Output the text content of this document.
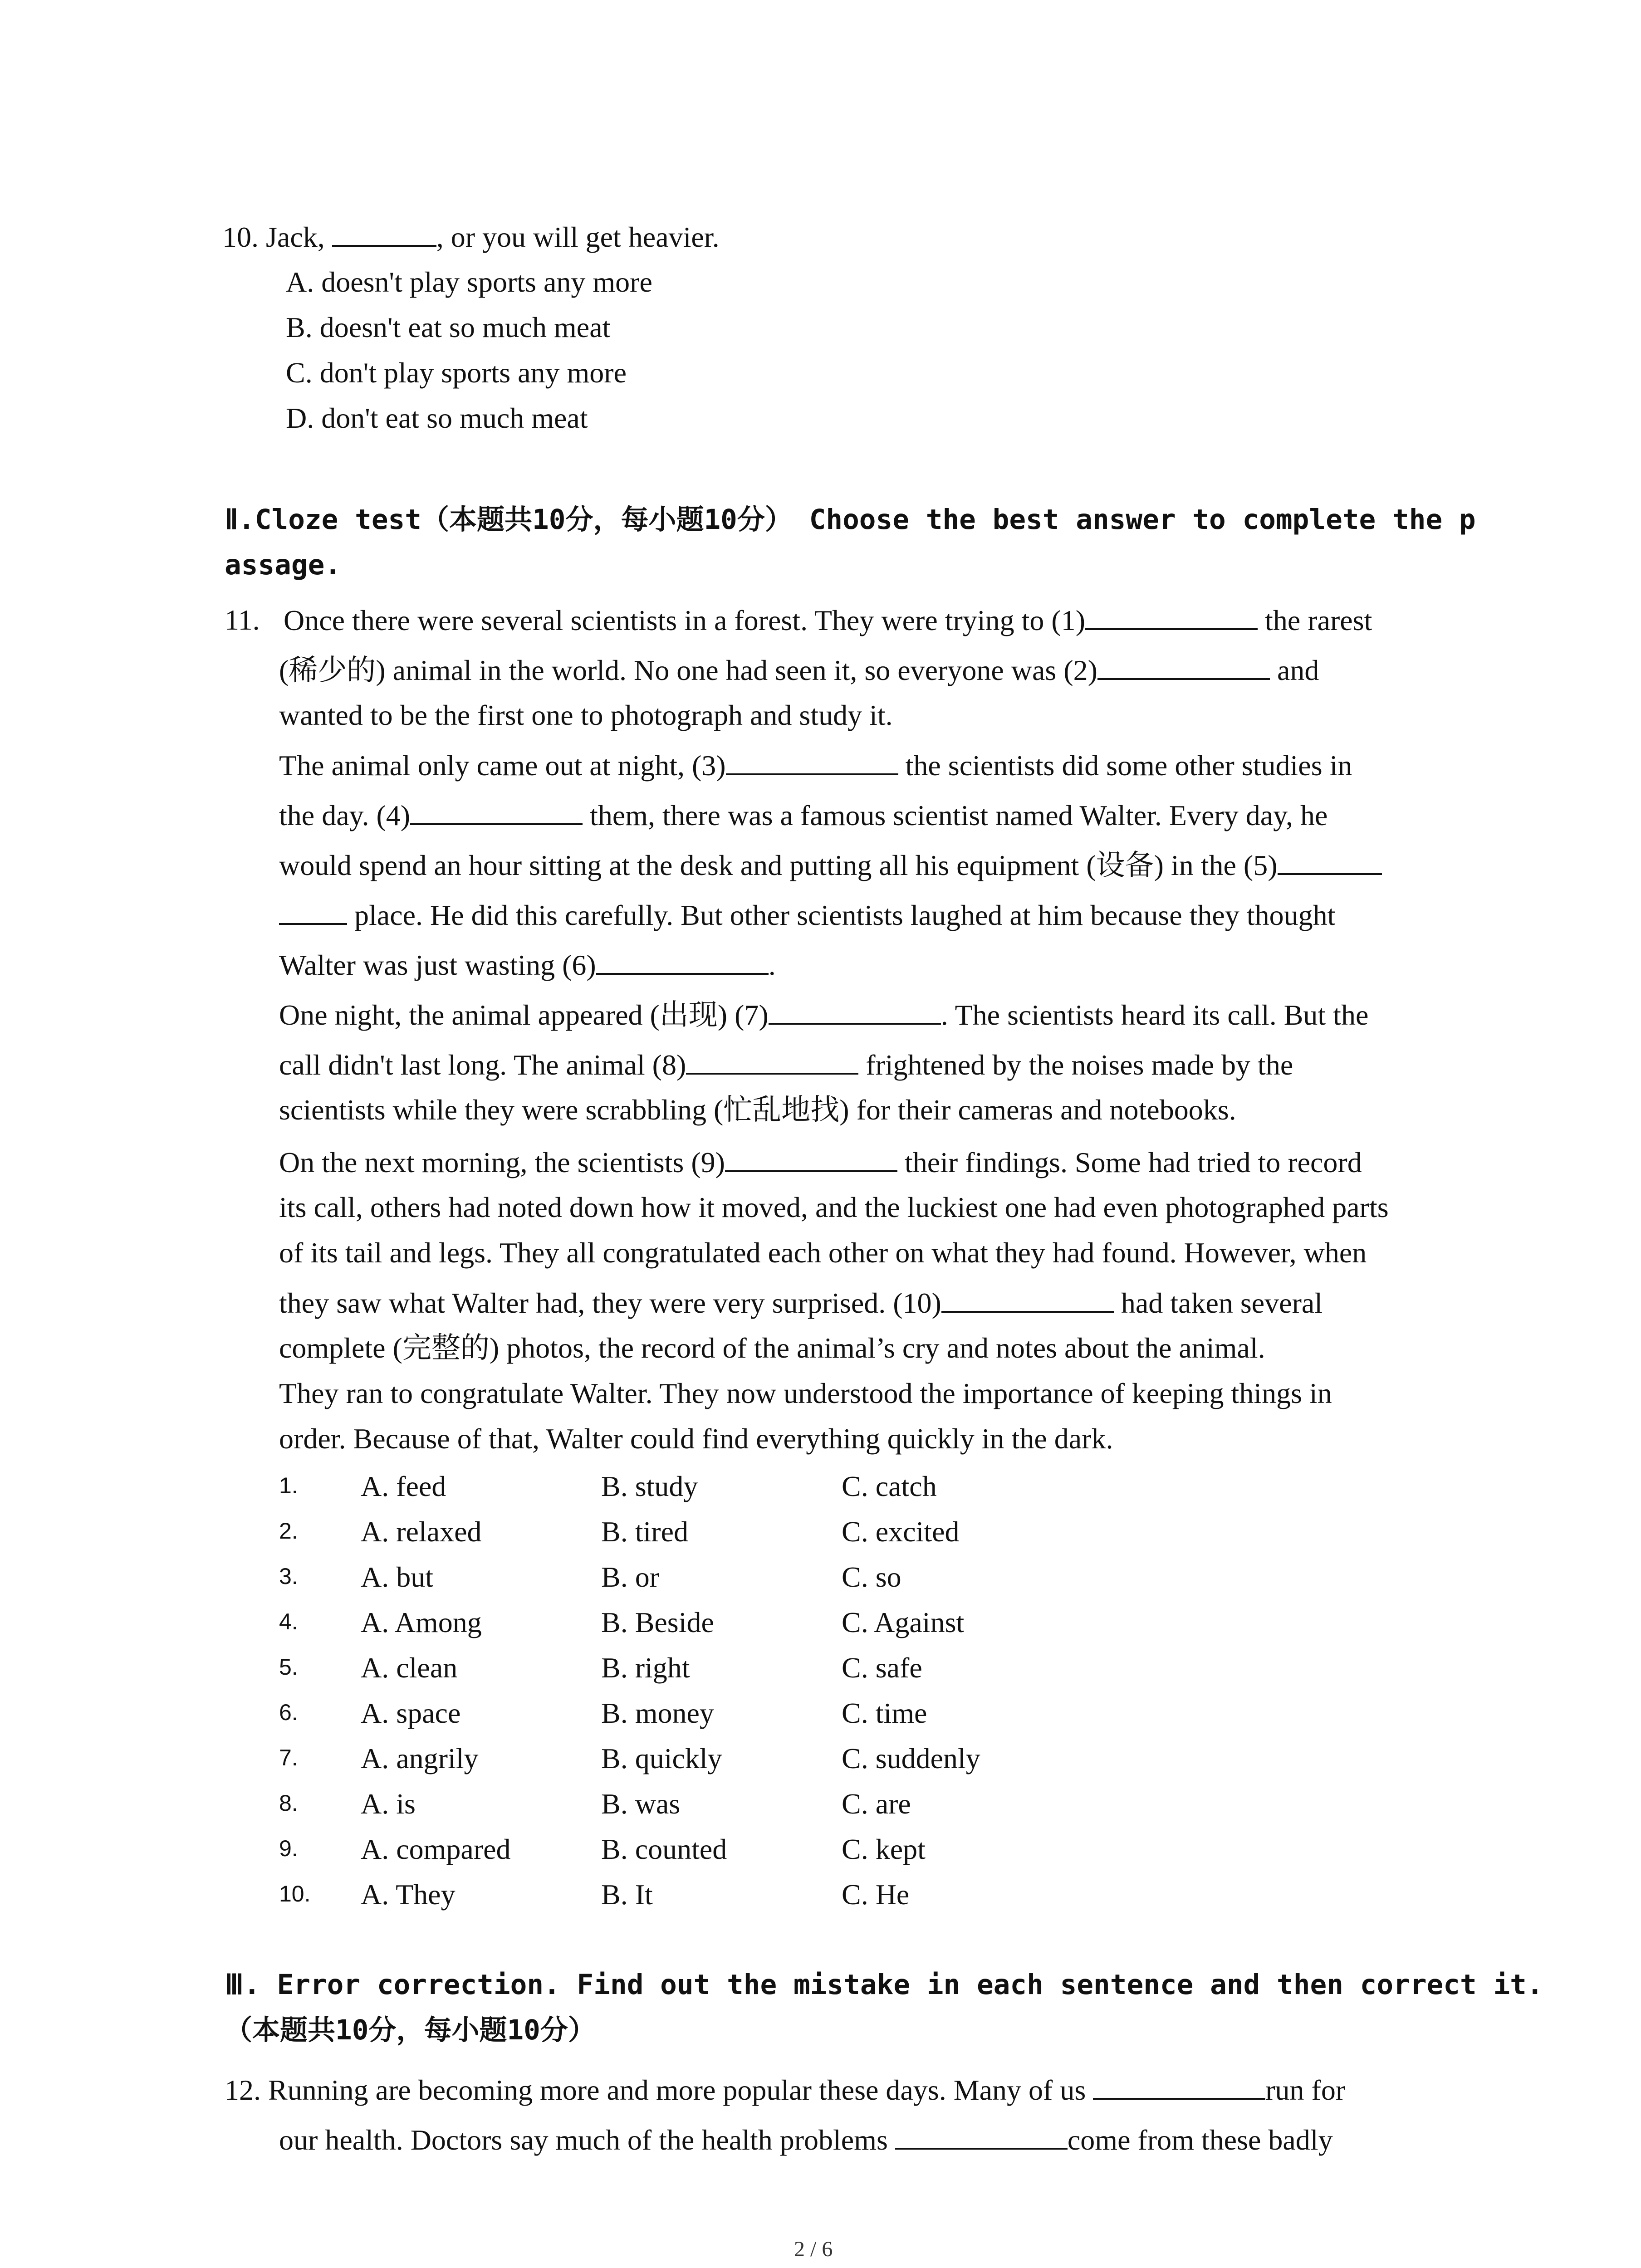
10. Jack,	, or you will get heavier.
A. doesn't play sports any more
B. doesn't eat so much meat
C. don't play sports any more
D. don't eat so much meat
Ⅱ.Cloze test（本题共10分，每小题10分） Choose the best answer to complete the p
assage.
11. Once there were several scientists in a forest. They were trying to (1)	the rarest
(稀少的) animal in the world. No one had seen it, so everyone was (2)	and
wanted to be the first one to photograph and study it.
The animal only came out at night, (3)	the scientists did some other studies in
the day. (4)	them, there was a famous scientist named Walter. Every day, he
would spend an hour sitting at the desk and putting all his equipment (设备) in the (5)
place. He did this carefully. But other scientists laughed at him because they thought
Walter was just wasting (6)	.
One night, the animal appeared (出现) (7)	. The scientists heard its call. But the
call didn't last long. The animal (8)	frightened by the noises made by the
scientists while they were scrabbling (忙乱地找) for their cameras and notebooks.
On the next morning, the scientists (9)	their findings. Some had tried to record
its call, others had noted down how it moved, and the luckiest one had even photographed parts
of its tail and legs. They all congratulated each other on what they had found. However, when
they saw what Walter had, they were very surprised. (10)	had taken several
complete (完整的) photos, the record of the animal’s cry and notes about the animal.
They ran to congratulate Walter. They now understood the importance of keeping things in
order. Because of that, Walter could find everything quickly in the dark.
1. A. feed	B. study	C. catch
2. A. relaxed	B. tired	C. excited
3. A. but	B. or	C. so
4. A. Among	B. Beside	C. Against
5. A. clean	B. right	C. safe
6. A. space	B. money	C. time
7. A. angrily	B. quickly	C. suddenly
8. A. is	B. was	C. are
9. A. compared	B. counted	C. kept
10. A. They	B. It	C. He
Ⅲ. Error correction. Find out the mistake in each sentence and then correct it.
（本题共10分，每小题10分）
12. Running are becoming more and more popular these days. Many of us	run for
our health. Doctors say much of the health problems	come from these badly
2 / 6
